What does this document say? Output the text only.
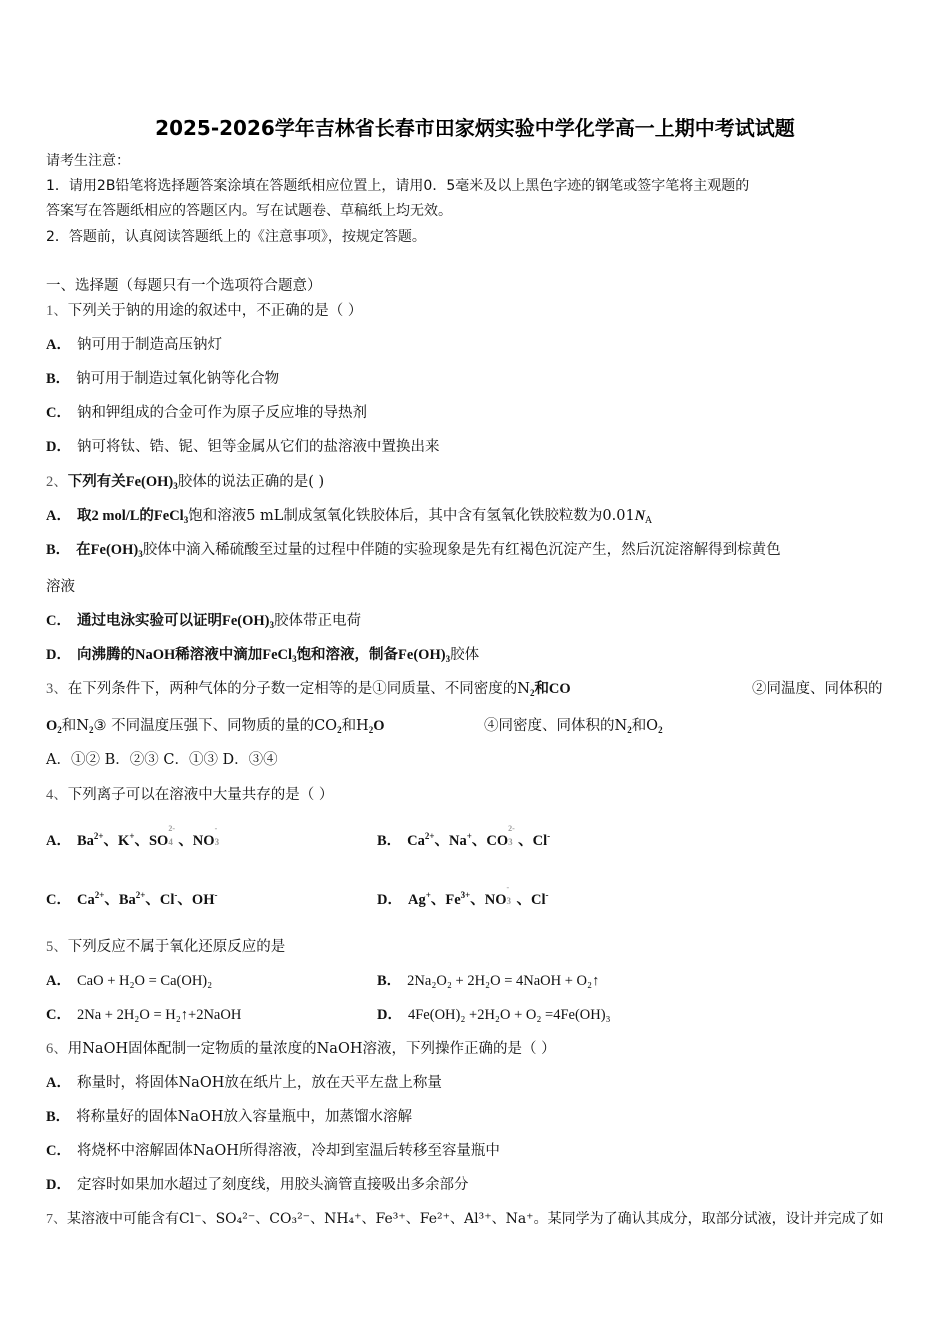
2025-2026学年吉林省长春市田家炳实验中学化学高一上期中考试试题
请考生注意：
1．请用2B铅笔将选择题答案涂填在答题纸相应位置上，请用0．5毫米及以上黑色字迹的钢笔或签字笔将主观题的
答案写在答题纸相应的答题区内。写在试题卷、草稿纸上均无效。
2．答题前，认真阅读答题纸上的《注意事项》，按规定答题。
一、选择题（每题只有一个选项符合题意）
1、下列关于钠的用途的叙述中，不正确的是（ ）
A． 钠可用于制造高压钠灯
B． 钠可用于制造过氧化钠等化合物
C． 钠和钾组成的合金可作为原子反应堆的导热剂
D． 钠可将钛、锆、铌、钽等金属从它们的盐溶液中置换出来
2、下列有关$Fe(OH)_3$胶体的说法正确的是( )
A． 取2 mol/L的FeCl$_3$饱和溶液5 mL制成氢氧化铁胶体后，其中含有氢氧化铁胶粒数为$0.01N_A$
B． 在$Fe(OH)_3$胶体中滴入稀硫酸至过量的过程中伴随的实验现象是先有红褐色沉淀产生，然后沉淀溶解得到棕黄色
溶液
C． 通过电泳实验可以证明$Fe(OH)_3$胶体带正电荷
D． 向沸腾的NaOH稀溶液中滴加FeCl$_3$饱和溶液，制备$Fe(OH)_3$胶体
3、在下列条件下，两种气体的分子数一定相等的是①同质量、不同密度的$N_2$和CO	②同温度、同体积的
$O_2$和$N_2③$ 不同温度压强下、同物质的量的$CO_2$和$H_2O$	④同密度、同体积的$N_2$和$O_2$
A．①② B．②③ C．①③ D．③④
4、下列离子可以在溶液中大量共存的是（ ）
A． $Ba^{2+}$、K+、SO
2-
4 、NO
-
3	B． $Ca^{2+}$、Na+、CO
2-
3 、Cl-
C． $Ca^{2+}$、$Ba^{2+}$、Cl-、OH-	D． Ag+、$Fe^{3+}$、NO
-
3 、Cl-
5、下列反应不属于氧化还原反应的是
A． CaO + H₂O = Ca(OH)₂	B． 2Na₂O₂ + 2H₂O = 4NaOH + O₂↑
C． 2Na + 2H₂O = H₂↑+2NaOH	D． 4Fe(OH)₂ +2H₂O + O₂ =4Fe(OH)₃
6、用NaOH固体配制一定物质的量浓度的NaOH溶液，下列操作正确的是（ ）
A． 称量时，将固体NaOH放在纸片上，放在天平左盘上称量
B． 将称量好的固体NaOH放入容量瓶中，加蒸馏水溶解
C． 将烧杯中溶解固体NaOH所得溶液，冷却到室温后转移至容量瓶中
D． 定容时如果加水超过了刻度线，用胶头滴管直接吸出多余部分
7、某溶液中可能含有Cl⁻、SO₄²⁻、CO₃²⁻、NH₄⁺、Fe³⁺、Fe²⁺、Al³⁺、Na⁺。某同学为了确认其成分，取部分试液，设计并完成了如
